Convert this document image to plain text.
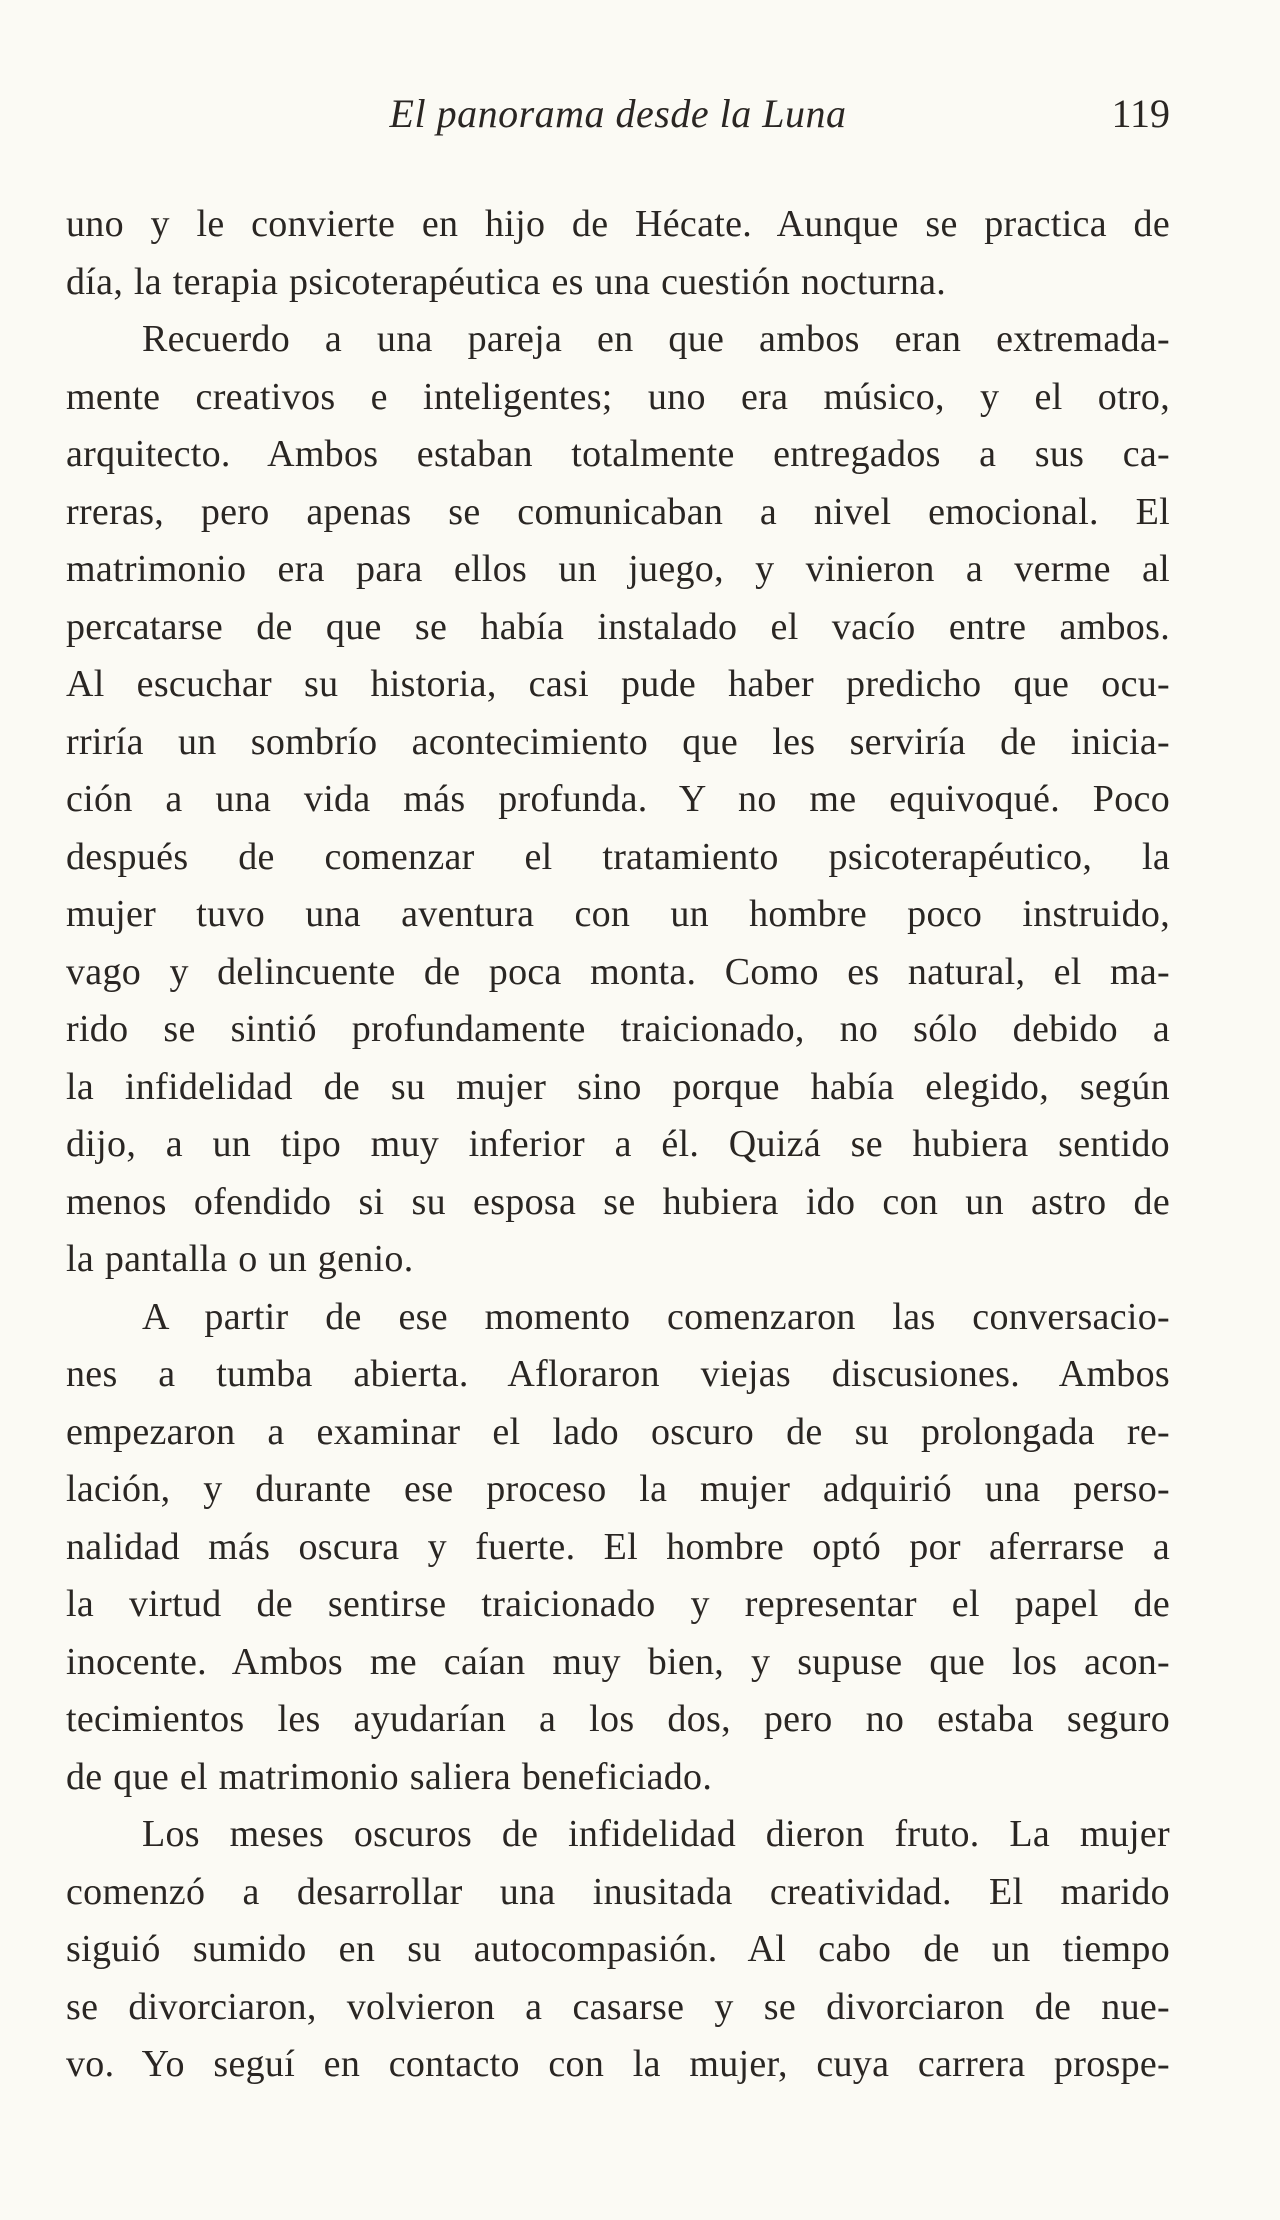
El panorama desde la Luna	119

uno y le convierte en hijo de Hécate. Aunque se practica de

día, la terapia psicoterapéutica es una cuestión nocturna.

Recuerdo a una pareja en que ambos eran extremada-

mente creativos e inteligentes; uno era músico, y el otro,

arquitecto. Ambos estaban totalmente entregados a sus ca-

rreras, pero apenas se comunicaban a nivel emocional. El

matrimonio era para ellos un juego, y vinieron a verme al

percatarse de que se había instalado el vacío entre ambos.

Al escuchar su historia, casi pude haber predicho que ocu-

rriría un sombrío acontecimiento que les serviría de inicia-

ción a una vida más profunda. Y no me equivoqué. Poco

después de comenzar el tratamiento psicoterapéutico, la

mujer tuvo una aventura con un hombre poco instruido,

vago y delincuente de poca monta. Como es natural, el ma-

rido se sintió profundamente traicionado, no sólo debido a

la infidelidad de su mujer sino porque había elegido, según

dijo, a un tipo muy inferior a él. Quizá se hubiera sentido

menos ofendido si su esposa se hubiera ido con un astro de

la pantalla o un genio.

A partir de ese momento comenzaron las conversacio-

nes a tumba abierta. Afloraron viejas discusiones. Ambos

empezaron a examinar el lado oscuro de su prolongada re-

lación, y durante ese proceso la mujer adquirió una perso-

nalidad más oscura y fuerte. El hombre optó por aferrarse a

la virtud de sentirse traicionado y representar el papel de

inocente. Ambos me caían muy bien, y supuse que los acon-

tecimientos les ayudarían a los dos, pero no estaba seguro

de que el matrimonio saliera beneficiado.

Los meses oscuros de infidelidad dieron fruto. La mujer

comenzó a desarrollar una inusitada creatividad. El marido

siguió sumido en su autocompasión. Al cabo de un tiempo

se divorciaron, volvieron a casarse y se divorciaron de nue-

vo. Yo seguí en contacto con la mujer, cuya carrera prospe-
